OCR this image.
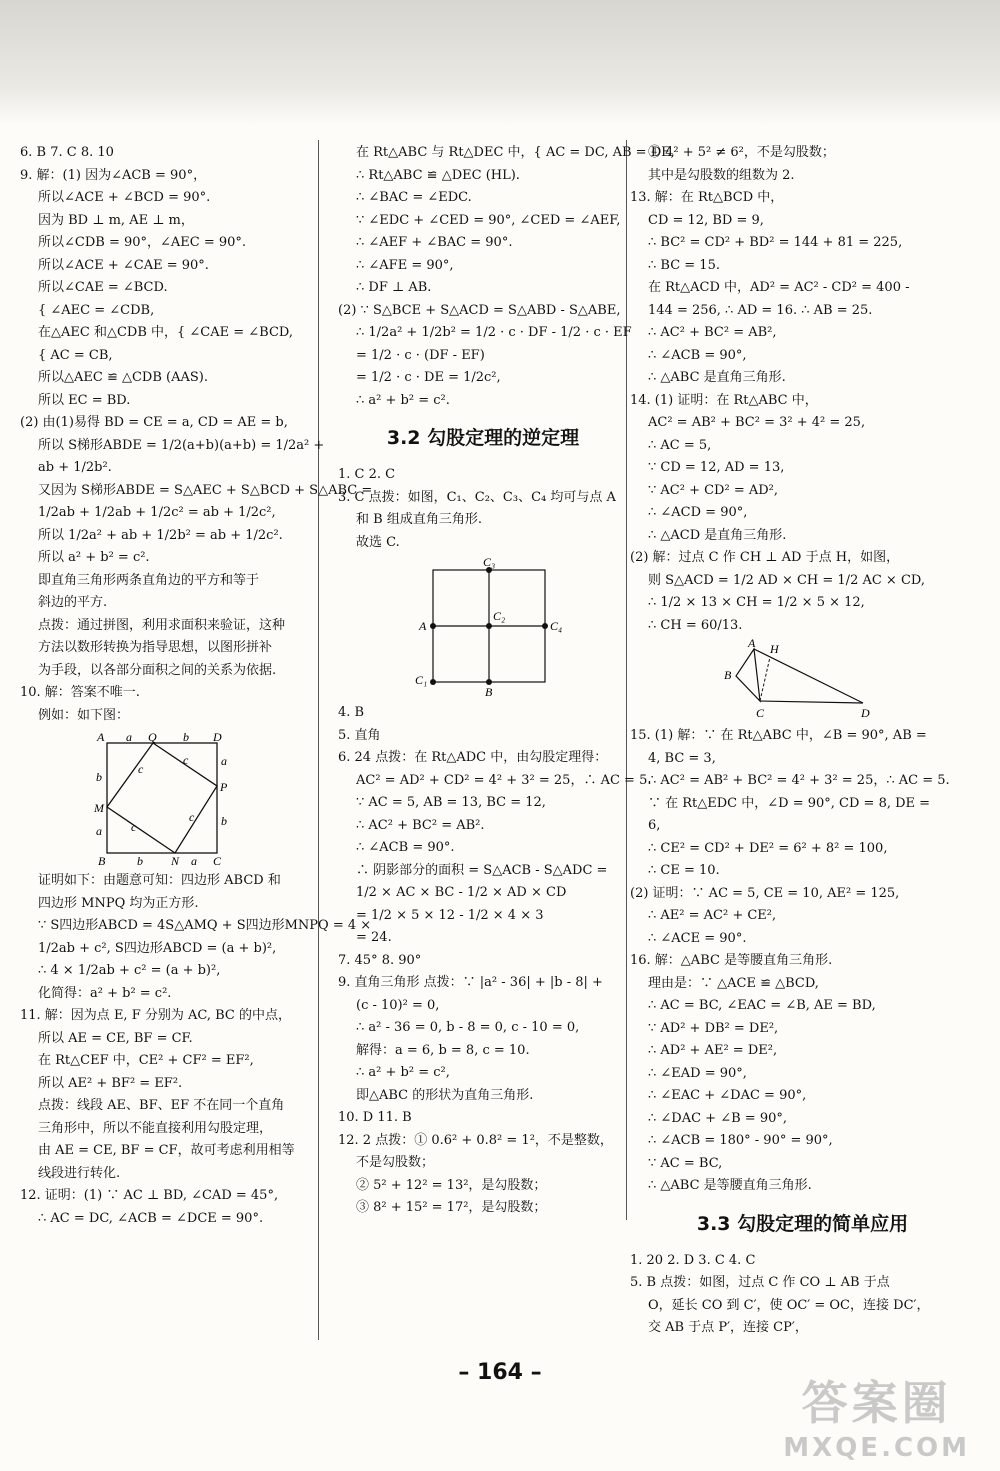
6. B 7. C 8. 10
9. 解：(1) 因为∠ACB = 90°，
所以∠ACE + ∠BCD = 90°.
因为 BD ⊥ m, AE ⊥ m，
所以∠CDB = 90°，∠AEC = 90°.
所以∠ACE + ∠CAE = 90°.
所以∠CAE = ∠BCD.
{ ∠AEC = ∠CDB,
在△AEC 和△CDB 中，{ ∠CAE = ∠BCD,
{ AC = CB,
所以△AEC ≌ △CDB (AAS).
所以 EC = BD.
(2) 由(1)易得 BD = CE = a, CD = AE = b,
所以 S梯形ABDE = 1/2(a+b)(a+b) = 1/2a² +
ab + 1/2b².
又因为 S梯形ABDE = S△AEC + S△BCD + S△ABC =
1/2ab + 1/2ab + 1/2c² = ab + 1/2c²,
所以 1/2a² + ab + 1/2b² = ab + 1/2c².
所以 a² + b² = c².
即直角三角形两条直角边的平方和等于
斜边的平方.
点拨：通过拼图，利用求面积来验证，这种
方法以数形转换为指导思想，以图形拼补
为手段，以各部分面积之间的关系为依据.
10. 解：答案不唯一.
例如：如下图：
A a Q b D
a
P
b
b
M
a
c
c
c
c
B	b N a C
证明如下：由题意可知：四边形 ABCD 和
四边形 MNPQ 均为正方形.
∵ S四边形ABCD = 4S△AMQ + S四边形MNPQ = 4 ×
1/2ab + c², S四边形ABCD = (a + b)²,
∴ 4 × 1/2ab + c² = (a + b)²,
化简得：a² + b² = c².
11. 解：因为点 E, F 分别为 AC, BC 的中点，
所以 AE = CE, BF = CF.
在 Rt△CEF 中，CE² + CF² = EF²,
所以 AE² + BF² = EF².
点拨：线段 AE、BF、EF 不在同一个直角
三角形中，所以不能直接利用勾股定理，
由 AE = CE, BF = CF，故可考虑利用相等
线段进行转化.
12. 证明：(1) ∵ AC ⊥ BD, ∠CAD = 45°,
∴ AC = DC, ∠ACB = ∠DCE = 90°.
在 Rt△ABC 与 Rt△DEC 中，{ AC = DC, AB = DE,
∴ Rt△ABC ≌ △DEC (HL).
∴ ∠BAC = ∠EDC.
∵ ∠EDC + ∠CED = 90°, ∠CED = ∠AEF,
∴ ∠AEF + ∠BAC = 90°.
∴ ∠AFE = 90°,
∴ DF ⊥ AB.
(2) ∵ S△BCE + S△ACD = S△ABD - S△ABE,
∴ 1/2a² + 1/2b² = 1/2 · c · DF - 1/2 · c · EF
= 1/2 · c · (DF - EF)
= 1/2 · c · DE = 1/2c²,
∴ a² + b² = c².
3.2 勾股定理的逆定理
1. C 2. C
3. C 点拨：如图，C₁、C₂、C₃、C₄ 均可与点 A
和 B 组成直角三角形.
故选 C.
C₃
A
C₂
C₄
C₁
B
4. B
5. 直角
6. 24 点拨：在 Rt△ADC 中，由勾股定理得：
AC² = AD² + CD² = 4² + 3² = 25，∴ AC = 5.
∵ AC = 5, AB = 13, BC = 12,
∴ AC² + BC² = AB².
∴ ∠ACB = 90°.
∴ 阴影部分的面积 = S△ACB - S△ADC =
1/2 × AC × BC - 1/2 × AD × CD
= 1/2 × 5 × 12 - 1/2 × 4 × 3
= 24.
7. 45° 8. 90°
9. 直角三角形 点拨：∵ |a² - 36| + |b - 8| +
(c - 10)² = 0,
∴ a² - 36 = 0, b - 8 = 0, c - 10 = 0,
解得：a = 6, b = 8, c = 10.
∴ a² + b² = c²,
即△ABC 的形状为直角三角形.
10. D 11. B
12. 2 点拨：① 0.6² + 0.8² = 1²，不是整数，
不是勾股数；
② 5² + 12² = 13²，是勾股数；
③ 8² + 15² = 17²，是勾股数；
④ 4² + 5² ≠ 6²，不是勾股数；
其中是勾股数的组数为 2.
13. 解：在 Rt△BCD 中，
CD = 12, BD = 9,
∴ BC² = CD² + BD² = 144 + 81 = 225,
∴ BC = 15.
在 Rt△ACD 中，AD² = AC² - CD² = 400 -
144 = 256, ∴ AD = 16. ∴ AB = 25.
∴ AC² + BC² = AB²,
∴ ∠ACB = 90°,
∴ △ABC 是直角三角形.
14. (1) 证明：在 Rt△ABC 中，
AC² = AB² + BC² = 3² + 4² = 25,
∴ AC = 5,
∵ CD = 12, AD = 13,
∵ AC² + CD² = AD²,
∴ ∠ACD = 90°,
∴ △ACD 是直角三角形.
(2) 解：过点 C 作 CH ⊥ AD 于点 H，如图，
则 S△ACD = 1/2 AD × CH = 1/2 AC × CD,
∴ 1/2 × 13 × CH = 1/2 × 5 × 12,
∴ CH = 60/13.
A H
B
C	D
15. (1) 解：∵ 在 Rt△ABC 中，∠B = 90°, AB =
4, BC = 3,
∴ AC² = AB² + BC² = 4² + 3² = 25，∴ AC = 5.
∵ 在 Rt△EDC 中，∠D = 90°, CD = 8, DE =
6,
∴ CE² = CD² + DE² = 6² + 8² = 100,
∴ CE = 10.
(2) 证明：∵ AC = 5, CE = 10, AE² = 125,
∴ AE² = AC² + CE²,
∴ ∠ACE = 90°.
16. 解：△ABC 是等腰直角三角形.
理由是：∵ △ACE ≌ △BCD,
∴ AC = BC, ∠EAC = ∠B, AE = BD,
∵ AD² + DB² = DE²,
∴ AD² + AE² = DE²,
∴ ∠EAD = 90°,
∴ ∠EAC + ∠DAC = 90°,
∴ ∠DAC + ∠B = 90°,
∴ ∠ACB = 180° - 90° = 90°,
∵ AC = BC,
∴ △ABC 是等腰直角三角形.
3.3 勾股定理的简单应用
1. 20 2. D 3. C 4. C
5. B 点拨：如图，过点 C 作 CO ⊥ AB 于点
O，延长 CO 到 C′，使 OC′ = OC，连接 DC′，
交 AB 于点 P′，连接 CP′，
– 164 –
答案圈
MXQE.COM
